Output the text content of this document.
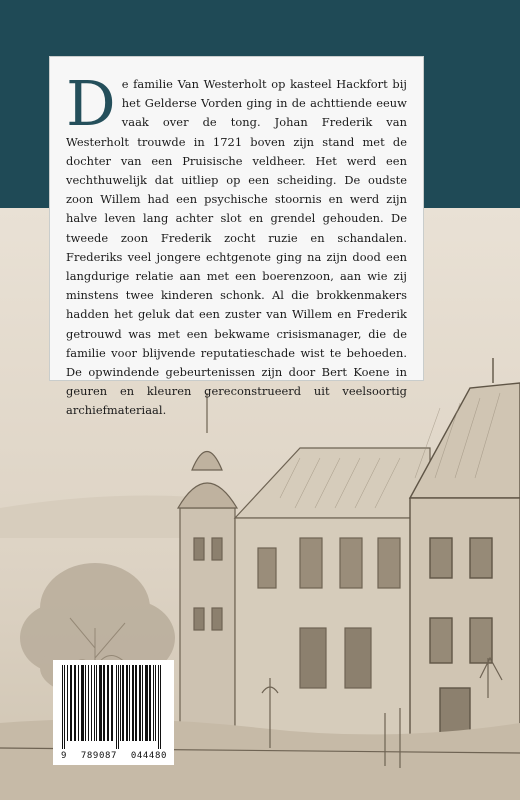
De familie Van Westerholt op kasteel Hackfort bij het Gelderse Vorden ging in de achttiende eeuw vaak over de tong. Johan Frederik van Westerholt trouwde in 1721 boven zijn stand met de dochter van een Pruisische veldheer. Het werd een vechthuwelijk dat uitliep op een scheiding. De oudste zoon Willem had een psychische stoornis en werd zijn halve leven lang achter slot en grendel gehouden. De tweede zoon Frederik zocht ruzie en schandalen. Frederiks veel jongere echtgenote ging na zijn dood een langdurige relatie aan met een boerenzoon, aan wie zij minstens twee kinderen schonk. Al die brokkenmakers hadden het geluk dat een zuster van Willem en Frederik getrouwd was met een bekwame crisismanager, die de familie voor blijvende reputatieschade wist te behoeden. De opwindende gebeurtenissen zijn door Bert Koene in geuren en kleuren gereconstrueerd uit veelsoortig archiefmateriaal.

9 789087 044480
